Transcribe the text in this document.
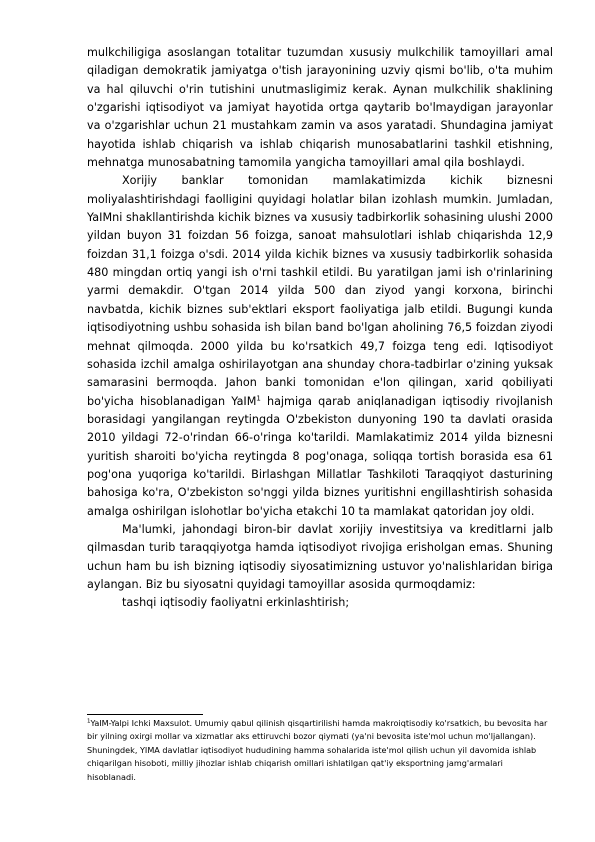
mulkchiligiga asoslangan totalitar tuzumdan xususiy mulkchilik tamoyillari amal qiladigan demokratik jamiyatga o'tish jarayonining uzviy qismi bo'lib, o'ta muhim va hal qiluvchi o'rin tutishini unutmasligimiz kerak. Aynan mulkchilik shaklining o'zgarishi iqtisodiyot va jamiyat hayotida ortga qaytarib bo'lmaydigan jarayonlar va o'zgarishlar uchun 21 mustahkam zamin va asos yaratadi. Shundagina jamiyat hayotida ishlab chiqarish va ishlab chiqarish munosabatlarini tashkil etishning, mehnatga munosabatning tamomila yangicha tamoyillari amal qila boshlaydi.

Xorijiy banklar tomonidan mamlakatimizda kichik biznesni moliyalashtirishdagi faolligini quyidagi holatlar bilan izohlash mumkin. Jumladan, YaIMni shakllantirishda kichik biznes va xususiy tadbirkorlik sohasining ulushi 2000 yildan buyon 31 foizdan 56 foizga, sanoat mahsulotlari ishlab chiqarishda 12,9 foizdan 31,1 foizga o'sdi. 2014 yilda kichik biznes va xususiy tadbirkorlik sohasida 480 mingdan ortiq yangi ish o'rni tashkil etildi. Bu yaratilgan jami ish o'rinlarining yarmi demakdir. O'tgan 2014 yilda 500 dan ziyod yangi korxona, birinchi navbatda, kichik biznes sub'ektlari eksport faoliyatiga jalb etildi. Bugungi kunda iqtisodiyotning ushbu sohasida ish bilan band bo'lgan aholining 76,5 foizdan ziyodi mehnat qilmoqda. 2000 yilda bu ko'rsatkich 49,7 foizga teng edi. Iqtisodiyot sohasida izchil amalga oshirilayotgan ana shunday chora-tadbirlar o'zining yuksak samarasini bermoqda. Jahon banki tomonidan e'lon qilingan, xarid qobiliyati bo'yicha hisoblanadigan YaIM$^1$ hajmiga qarab aniqlanadigan iqtisodiy rivojlanish borasidagi yangilangan reytingda O'zbekiston dunyoning 190 ta davlati orasida 2010 yildagi 72-o'rindan 66-o'ringa ko'tarildi. Mamlakatimiz 2014 yilda biznesni yuritish sharoiti bo'yicha reytingda 8 pog'onaga, soliqqa tortish borasida esa 61 pog'ona yuqoriga ko'tarildi. Birlashgan Millatlar Tashkiloti Taraqqiyot dasturining bahosiga ko'ra, O'zbekiston so'nggi yilda biznes yuritishni engillashtirish sohasida amalga oshirilgan islohotlar bo'yicha etakchi 10 ta mamlakat qatoridan joy oldi.

Ma'lumki, jahondagi biron-bir davlat xorijiy investitsiya va kreditlarni jalb qilmasdan turib taraqqiyotga hamda iqtisodiyot rivojiga erisholgan emas. Shuning uchun ham bu ish bizning iqtisodiy siyosatimizning ustuvor yo'nalishlaridan biriga aylangan. Biz bu siyosatni quyidagi tamoyillar asosida qurmoqdamiz:

tashqi iqtisodiy faoliyatni erkinlashtirish;

$^1$YaIM-Yalpi Ichki Maxsulot. Umumiy qabul qilinish qisqartirilishi hamda makroiqtisodiy ko'rsatkich, bu bevosita har bir yilning oxirgi mollar va xizmatlar aks ettiruvchi bozor qiymati (ya'ni bevosita iste'mol uchun mo'ljallangan). Shuningdek, YIMA davlatlar iqtisodiyot hududining hamma sohalarida iste'mol qilish uchun yil davomida ishlab chiqarilgan hisoboti, milliy jihozlar ishlab chiqarish omillari ishlatilgan qat'iy eksportning jamg'armalari hisoblanadi.
